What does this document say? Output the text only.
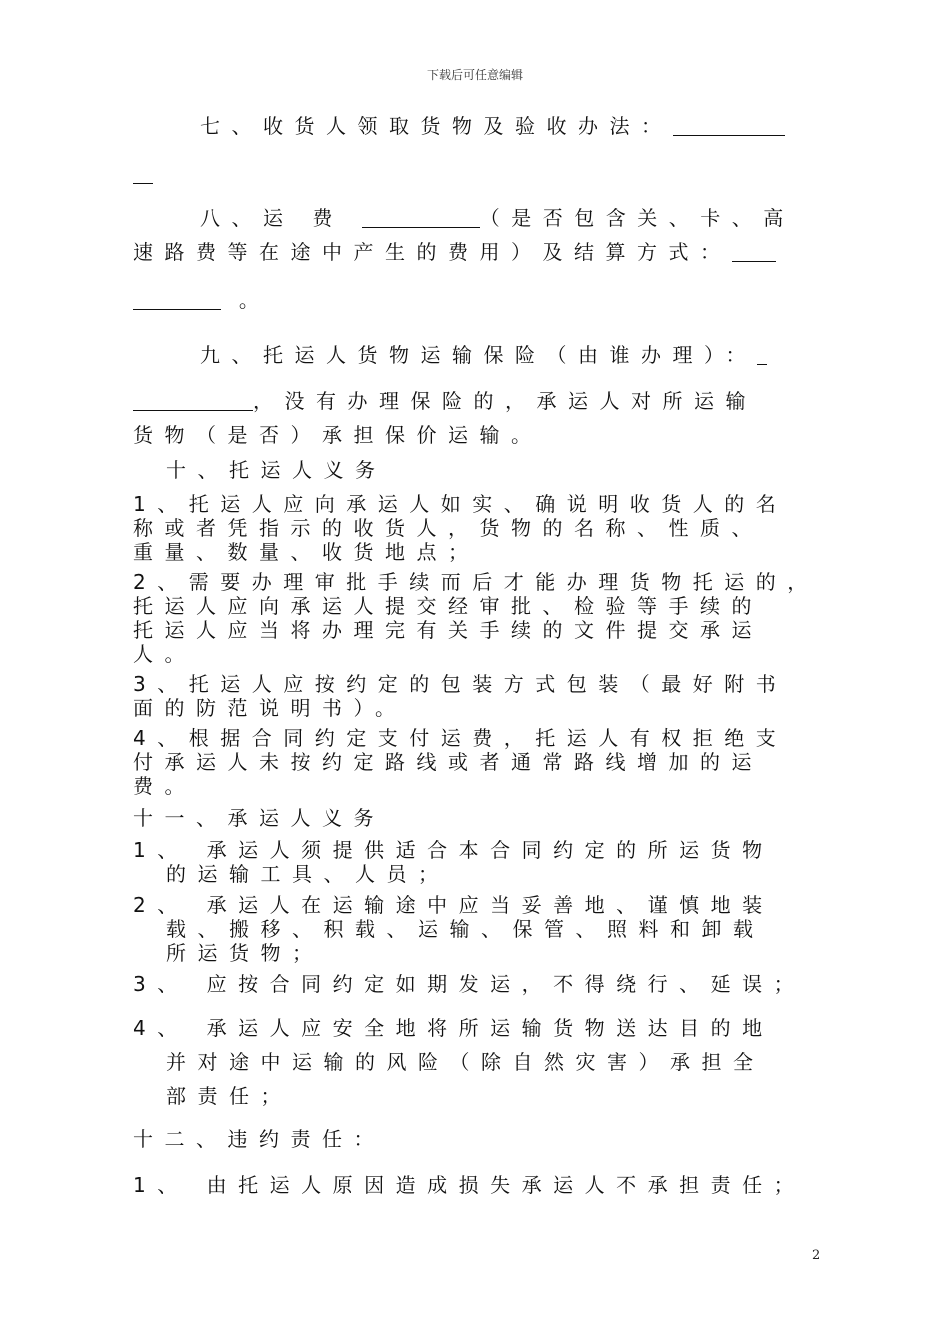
下载后可任意编辑
七、收货人领取货物及验收办法：
八、运 费	（是否包含关、卡、高
速路费等在途中产生的费用）及结算方式：
。
九、托运人货物运输保险（由谁办理）：
，没有办理保险的，承运人对所运输
货物（是否）承担保价运输。
十、托运人义务
1、托运人应向承运人如实、确说明收货人的名
称或者凭指示的收货人，货物的名称、性质、
重量、数量、收货地点；
2、需要办理审批手续而后才能办理货物托运的，
托运人应向承运人提交经审批、检验等手续的
托运人应当将办理完有关手续的文件提交承运
人。
3、托运人应按约定的包装方式包装（最好附书
面的防范说明书）。
4、根据合同约定支付运费，托运人有权拒绝支
付承运人未按约定路线或者通常路线增加的运
费。
十一、承运人义务
1、 承运人须提供适合本合同约定的所运货物
的运输工具、人员；
2、 承运人在运输途中应当妥善地、谨慎地装
载、搬移、积载、运输、保管、照料和卸载
所运货物；
3、 应按合同约定如期发运，不得绕行、延误；
4、 承运人应安全地将所运输货物送达目的地
并对途中运输的风险（除自然灾害）承担全
部责任；
十二、违约责任：
1、 由托运人原因造成损失承运人不承担责任；
2
